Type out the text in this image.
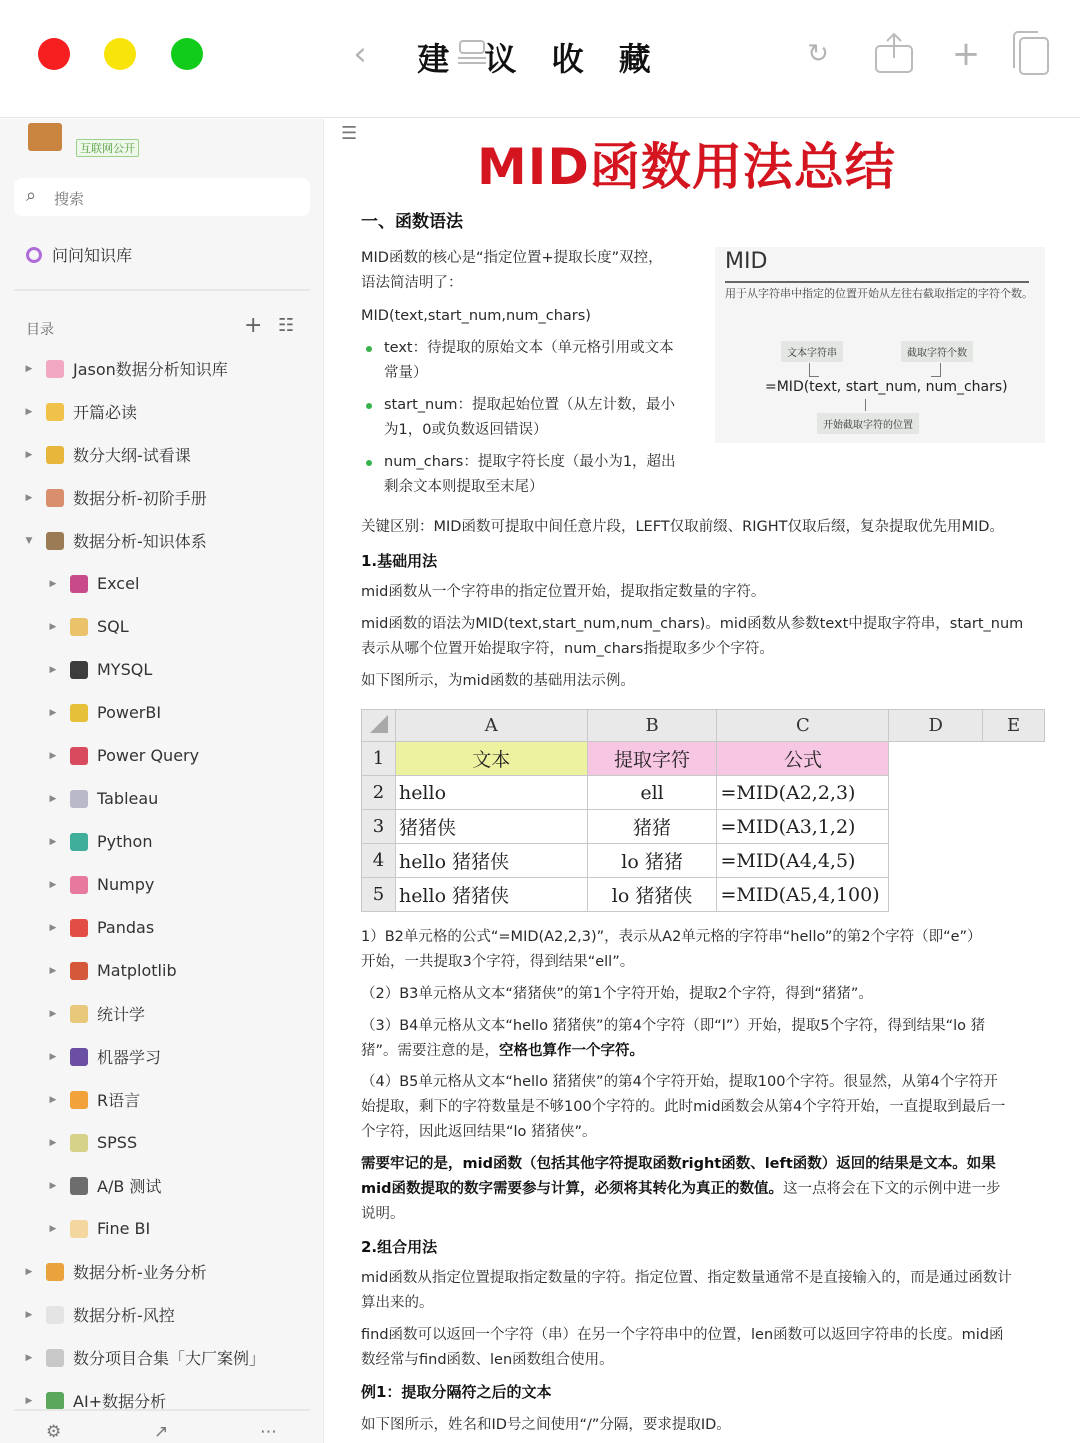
‹	建 议 收 藏	↻	+
互联网公开
⌕ 搜索
问问知识库
目录	+ ☷
▶	Jason数据分析知识库
▶	开篇必读
▶	数分大纲-试看课
▶	数据分析-初阶手册
▼	数据分析-知识体系
▶	Excel
▶	SQL
▶	MYSQL
▶	PowerBI
▶	Power Query
▶	Tableau
▶	Python
▶	Numpy
▶	Pandas
▶	Matplotlib
▶	统计学
▶	机器学习
▶	R语言
▶	SPSS
▶	A/B 测试
▶	Fine BI
▶	数据分析-业务分析
▶	数据分析-风控
▶	数分项目合集「大厂案例」
▶	AI+数据分析
⚙	↗	⋯
☰
MID函数用法总结
一、函数语法
MID函数的核心是“指定位置+提取长度”双控，
语法简洁明了：
MID(text,start_num,num_chars)
text：待提取的原始文本（单元格引用或文本
常量）
start_num：提取起始位置（从左计数，最小
为1，0或负数返回错误）
num_chars：提取字符长度（最小为1，超出
剩余文本则提取至末尾）
MID
用于从字符串中指定的位置开始从左往右截取指定的字符个数。
文本字符串	截取字符个数
=MID(text, start_num, num_chars)
开始截取字符的位置
关键区别：MID函数可提取中间任意片段，LEFT仅取前缀、RIGHT仅取后缀，复杂提取优先用MID。
1.基础用法
mid函数从一个字符串的指定位置开始，提取指定数量的字符。
mid函数的语法为MID(text,start_num,num_chars)。mid函数从参数text中提取字符串，start_num
表示从哪个位置开始提取字符，num_chars指提取多少个字符。
如下图所示，为mid函数的基础用法示例。
	A	B	C	D	E
1	文本	提取字符	公式		
2	hello	ell	=MID(A2,2,3)		
3	猪猪侠	猪猪	=MID(A3,1,2)		
4	hello 猪猪侠	lo 猪猪	=MID(A4,4,5)		
5	hello 猪猪侠	lo 猪猪侠	=MID(A5,4,100)		
1）B2单元格的公式“=MID(A2,2,3)”，表示从A2单元格的字符串“hello”的第2个字符（即“e”）
开始，一共提取3个字符，得到结果“ell”。
（2）B3单元格从文本“猪猪侠”的第1个字符开始，提取2个字符，得到“猪猪”。
（3）B4单元格从文本“hello 猪猪侠”的第4个字符（即“l”）开始，提取5个字符，得到结果“lo 猪
猪”。需要注意的是，空格也算作一个字符。
（4）B5单元格从文本“hello 猪猪侠”的第4个字符开始，提取100个字符。很显然，从第4个字符开
始提取，剩下的字符数量是不够100个字符的。此时mid函数会从第4个字符开始，一直提取到最后一
个字符，因此返回结果“lo 猪猪侠”。
需要牢记的是，mid函数（包括其他字符提取函数right函数、left函数）返回的结果是文本。如果
mid函数提取的数字需要参与计算，必须将其转化为真正的数值。这一点将会在下文的示例中进一步
说明。
2.组合用法
mid函数从指定位置提取指定数量的字符。指定位置、指定数量通常不是直接输入的，而是通过函数计
算出来的。
find函数可以返回一个字符（串）在另一个字符串中的位置，len函数可以返回字符串的长度。mid函
数经常与find函数、len函数组合使用。
例1：提取分隔符之后的文本
如下图所示，姓名和ID号之间使用“/”分隔，要求提取ID。
